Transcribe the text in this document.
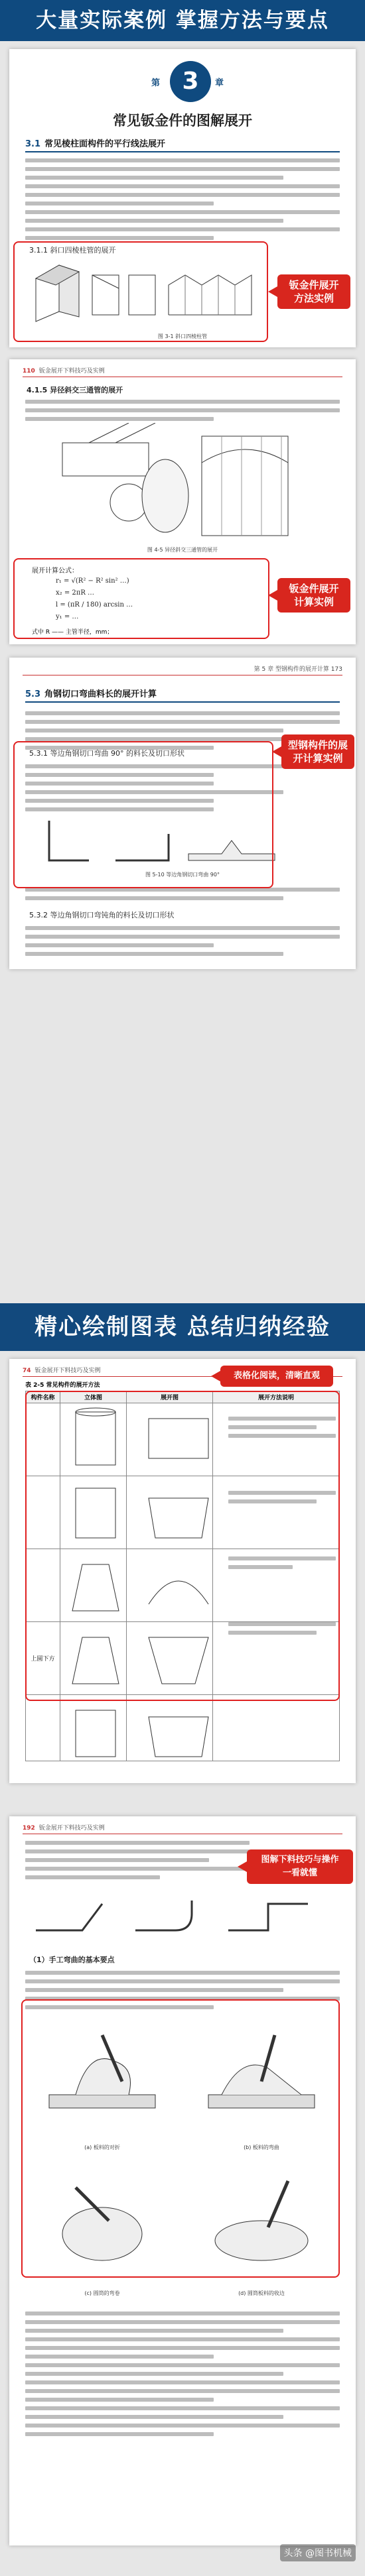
大量实际案例 掌握方法与要点
第 3	章
常见钣金件的图解展开
3.1 常见棱柱面构件的平行线法展开
3.1.1 斜口四棱柱管的展开
图 3-1 斜口四棱柱管
钣金件展开
方法实例
110 钣金展开下料技巧及实例
4.1.5 异径斜交三通管的展开
图 4-5 异径斜交三通管的展开
展开计算公式：
r₁ = √(R² − R² sin² …)
x₂ = 2πR …
l = (πR / 180) arcsin …
y₁ = …
式中 R —— 主管半径，mm；
钣金件展开
计算实例
第 5 章 型钢构件的展开计算 173
5.3 角钢切口弯曲料长的展开计算
5.3.1 等边角钢切口弯曲 90° 的料长及切口形状
图 5-10 等边角钢切口弯曲 90°
5.3.2 等边角钢切口弯钝角的料长及切口形状
型钢构件的展
开计算实例
精心绘制图表 总结归纳经验
74 钣金展开下料技巧及实例
表 2-5 常见构件的展开方法
构件名称	立体图	展开图	展开方法说明

上圆下方			

表格化阅读，清晰直观
192 钣金展开下料技巧及实例
（1）手工弯曲的基本要点
(a) 板料的对折	(b) 板料的弯曲
(c) 圆筒的弯卷	(d) 圆筒板料的收边
图解下料技巧与操作
一看就懂
头条 @图书机械
